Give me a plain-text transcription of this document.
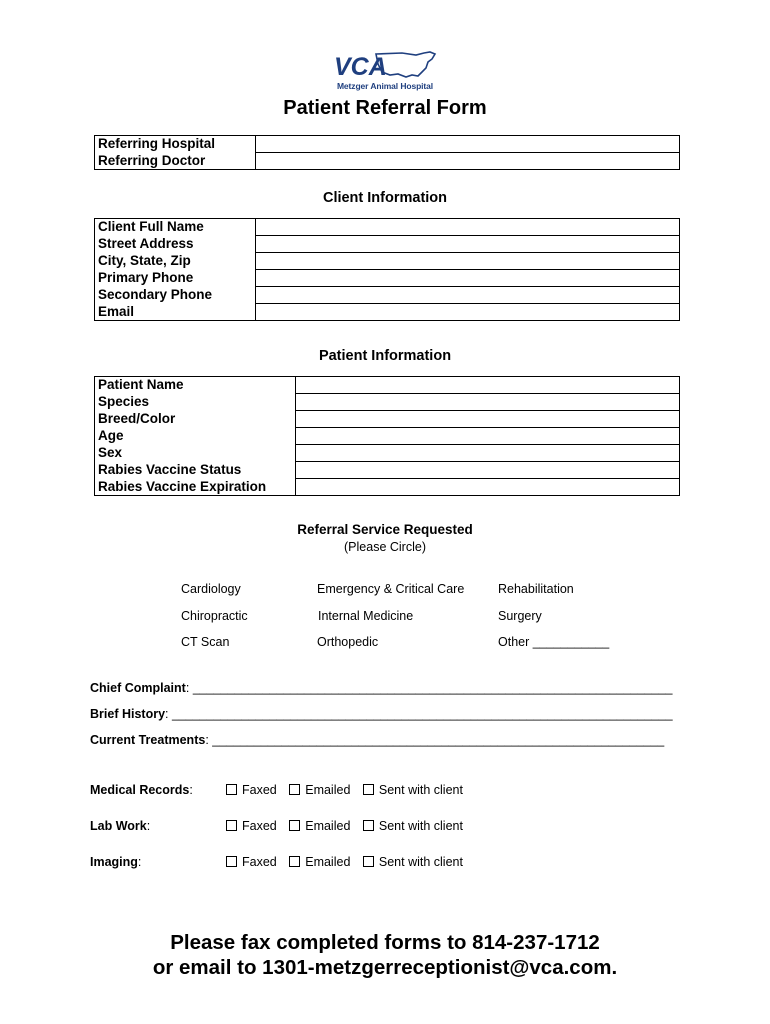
VCA
Metzger Animal Hospital
Patient Referral Form
Referring Hospital	
Referring Doctor	
Client Information
Client Full Name	
Street Address	
City, State, Zip	
Primary Phone	
Secondary Phone	
Email	
Patient Information
Patient Name	
Species	
Breed/Color	
Age	
Sex	
Rabies Vaccine Status	
Rabies Vaccine Expiration	
Referral Service Requested
(Please Circle)
Cardiology	Emergency & Critical Care	Rehabilitation
Chiropractic	Internal Medicine	Surgery
CT Scan	Orthopedic	Other ___________
Chief Complaint: _____________________________________________________________________
Brief History: ________________________________________________________________________
Current Treatments: _________________________________________________________________
Medical Records:	Faxed Emailed Sent with client
Lab Work:	Faxed Emailed Sent with client
Imaging:	Faxed Emailed Sent with client
Please fax completed forms to 814-237-1712
or email to 1301-metzgerreceptionist@vca.com.
